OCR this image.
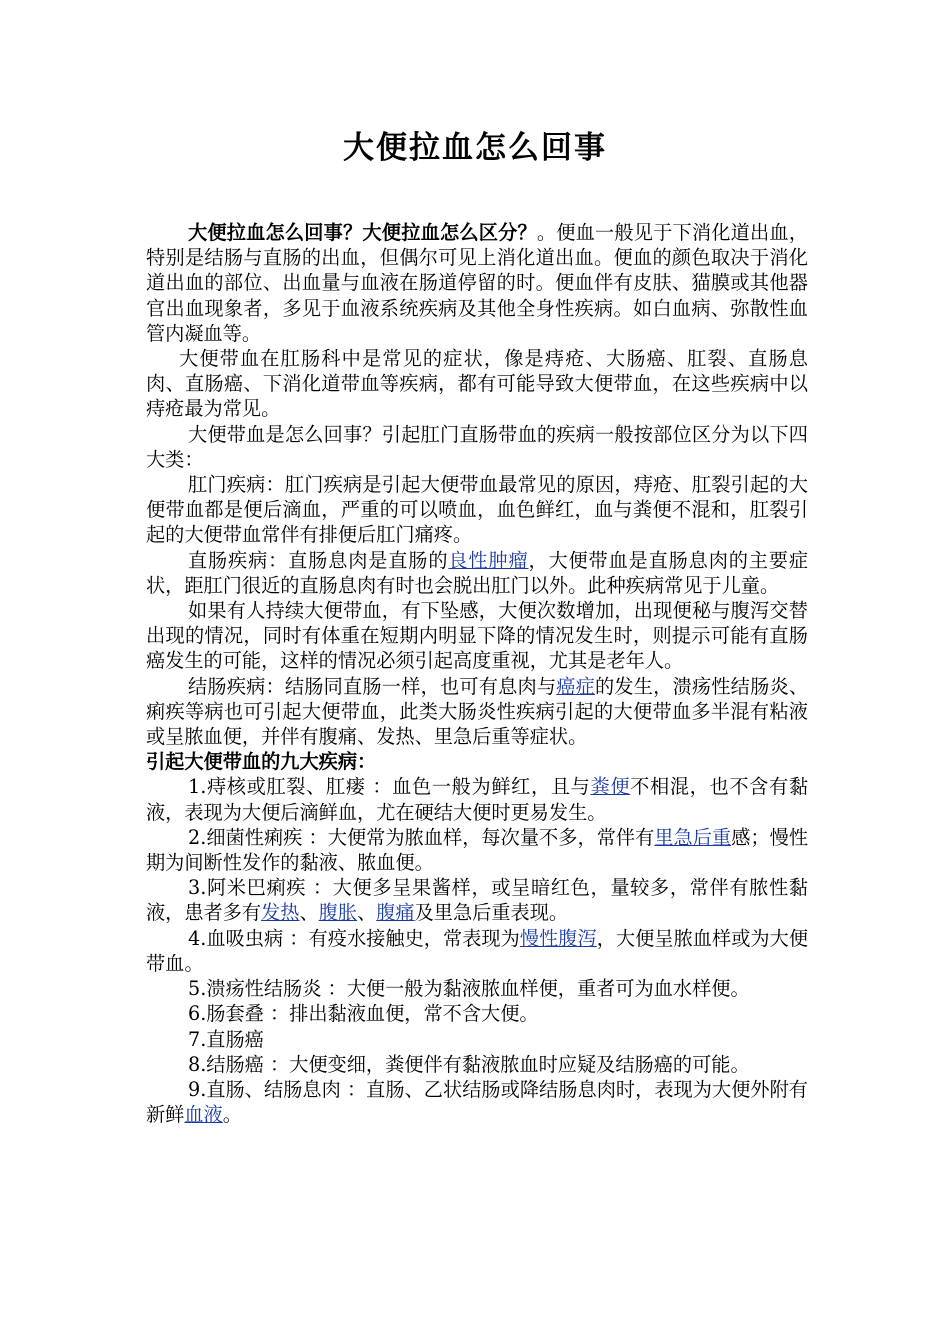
大便拉血怎么回事

大便拉血怎么回事？大便拉血怎么区分？。便血一般见于下消化道出血，特别是结肠与直肠的出血，但偶尔可见上消化道出血。便血的颜色取决于消化道出血的部位、出血量与血液在肠道停留的时。便血伴有皮肤、猫膜或其他器官出血现象者，多见于血液系统疾病及其他全身性疾病。如白血病、弥散性血管内凝血等。

大便带血在肛肠科中是常见的症状，像是痔疮、大肠癌、肛裂、直肠息肉、直肠癌、下消化道带血等疾病，都有可能导致大便带血，在这些疾病中以痔疮最为常见。

大便带血是怎么回事？引起肛门直肠带血的疾病一般按部位区分为以下四大类：

肛门疾病：肛门疾病是引起大便带血最常见的原因，痔疮、肛裂引起的大便带血都是便后滴血，严重的可以喷血，血色鲜红，血与粪便不混和，肛裂引起的大便带血常伴有排便后肛门痛疼。

直肠疾病：直肠息肉是直肠的良性肿瘤，大便带血是直肠息肉的主要症状，距肛门很近的直肠息肉有时也会脱出肛门以外。此种疾病常见于儿童。

如果有人持续大便带血，有下坠感，大便次数增加，出现便秘与腹泻交替出现的情况，同时有体重在短期内明显下降的情况发生时，则提示可能有直肠癌发生的可能，这样的情况必须引起高度重视，尤其是老年人。

结肠疾病：结肠同直肠一样，也可有息肉与癌症的发生，溃疡性结肠炎、痢疾等病也可引起大便带血，此类大肠炎性疾病引起的大便带血多半混有粘液或呈脓血便，并伴有腹痛、发热、里急后重等症状。

引起大便带血的九大疾病：

1.痔核或肛裂、肛瘘 ：血色一般为鲜红，且与粪便不相混，也不含有黏液，表现为大便后滴鲜血，尤在硬结大便时更易发生。

2.细菌性痢疾 ：大便常为脓血样，每次量不多，常伴有里急后重感；慢性期为间断性发作的黏液、脓血便。

3.阿米巴痢疾 ：大便多呈果酱样，或呈暗红色，量较多，常伴有脓性黏液，患者多有发热、腹胀、腹痛及里急后重表现。

4.血吸虫病 ：有疫水接触史，常表现为慢性腹泻，大便呈脓血样或为大便带血。

5.溃疡性结肠炎 ：大便一般为黏液脓血样便，重者可为血水样便。

6.肠套叠 ：排出黏液血便，常不含大便。

7.直肠癌

8.结肠癌 ：大便变细，粪便伴有黏液脓血时应疑及结肠癌的可能。

9.直肠、结肠息肉 ：直肠、乙状结肠或降结肠息肉时，表现为大便外附有新鲜血液。
